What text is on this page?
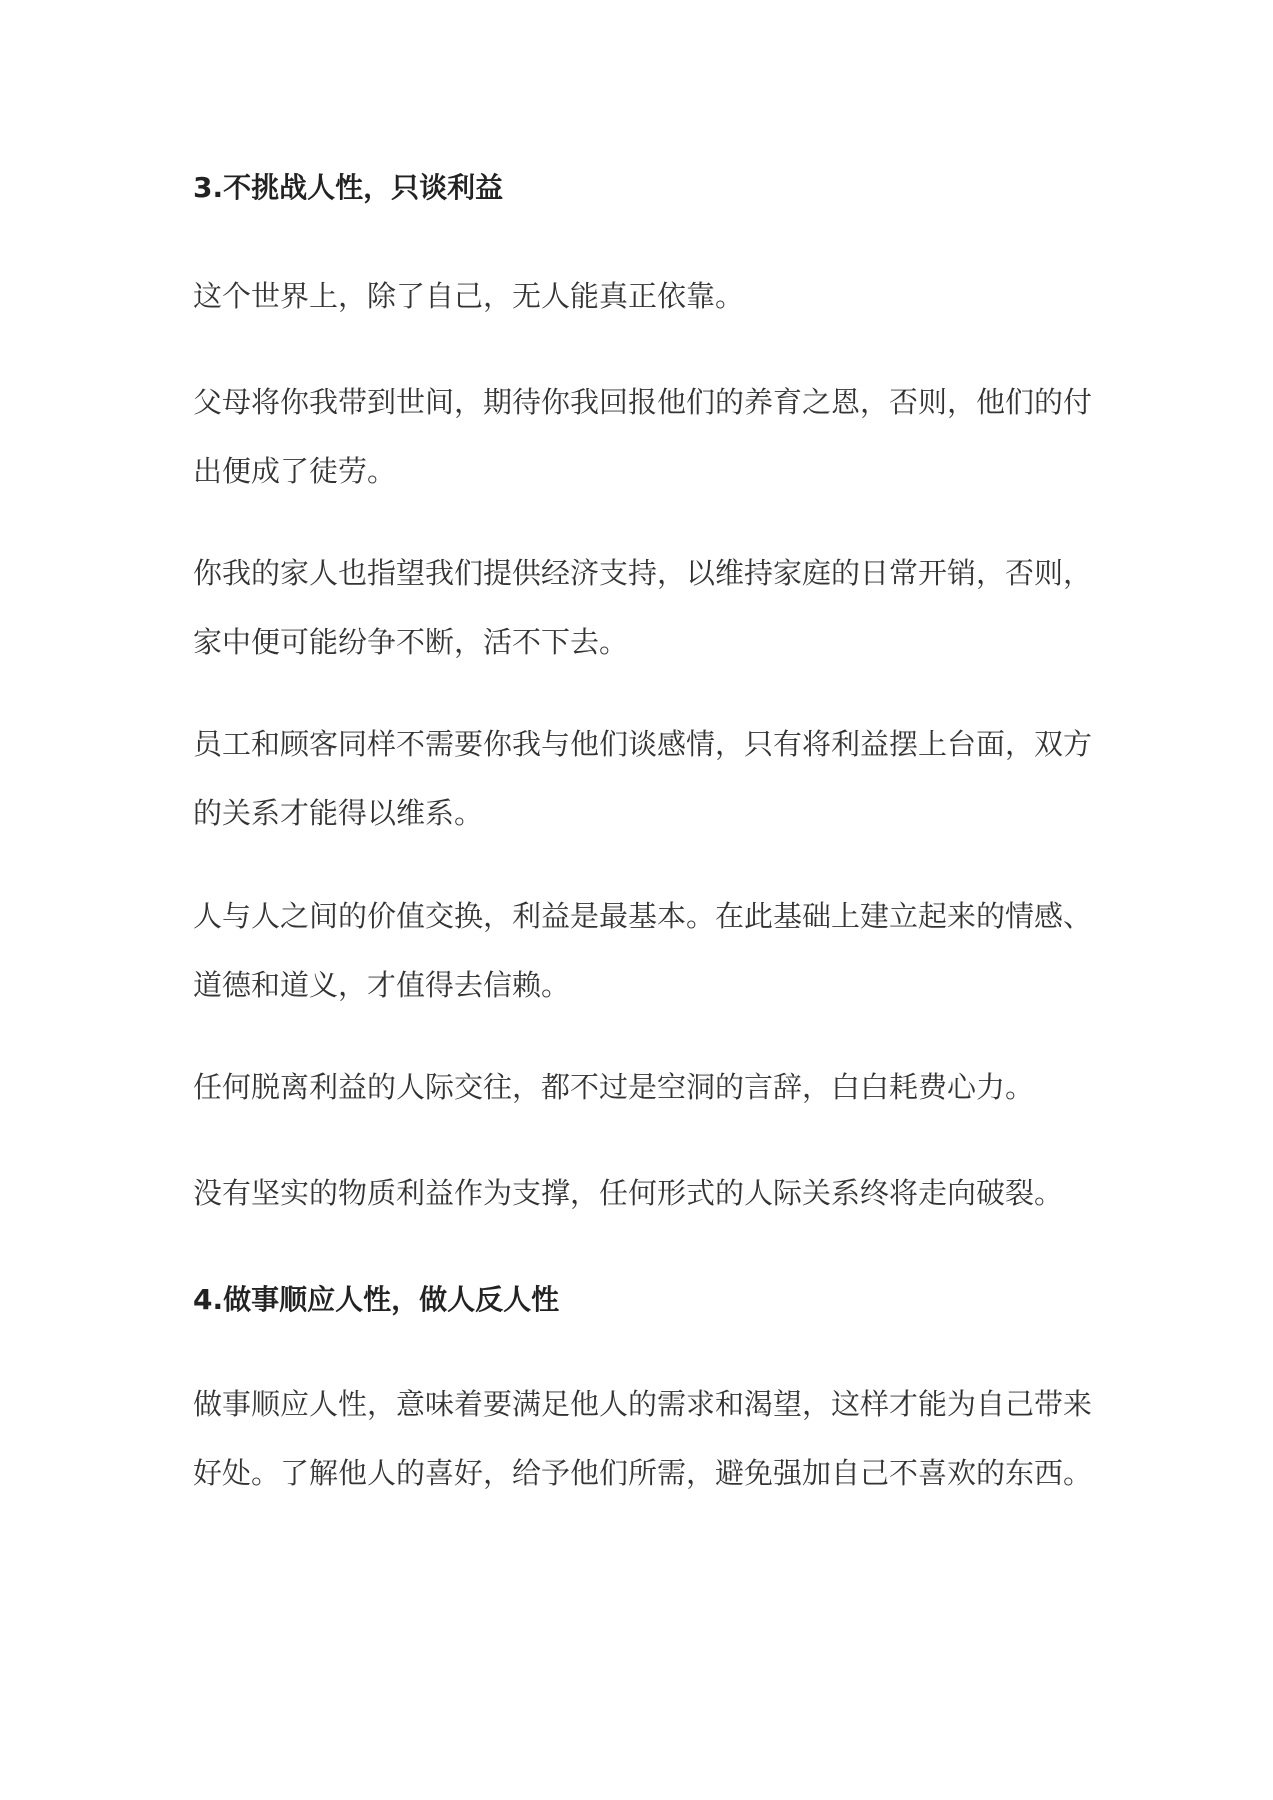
3.不挑战人性，只谈利益

这个世界上，除了自己，无人能真正依靠。

父母将你我带到世间，期待你我回报他们的养育之恩，否则，他们的付出便成了徒劳。

你我的家人也指望我们提供经济支持，以维持家庭的日常开销，否则，家中便可能纷争不断，活不下去。

员工和顾客同样不需要你我与他们谈感情，只有将利益摆上台面，双方的关系才能得以维系。

人与人之间的价值交换，利益是最基本。在此基础上建立起来的情感、道德和道义，才值得去信赖。

任何脱离利益的人际交往，都不过是空洞的言辞，白白耗费心力。

没有坚实的物质利益作为支撑，任何形式的人际关系终将走向破裂。

4.做事顺应人性，做人反人性

做事顺应人性，意味着要满足他人的需求和渴望，这样才能为自己带来好处。了解他人的喜好，给予他们所需，避免强加自己不喜欢的东西。
